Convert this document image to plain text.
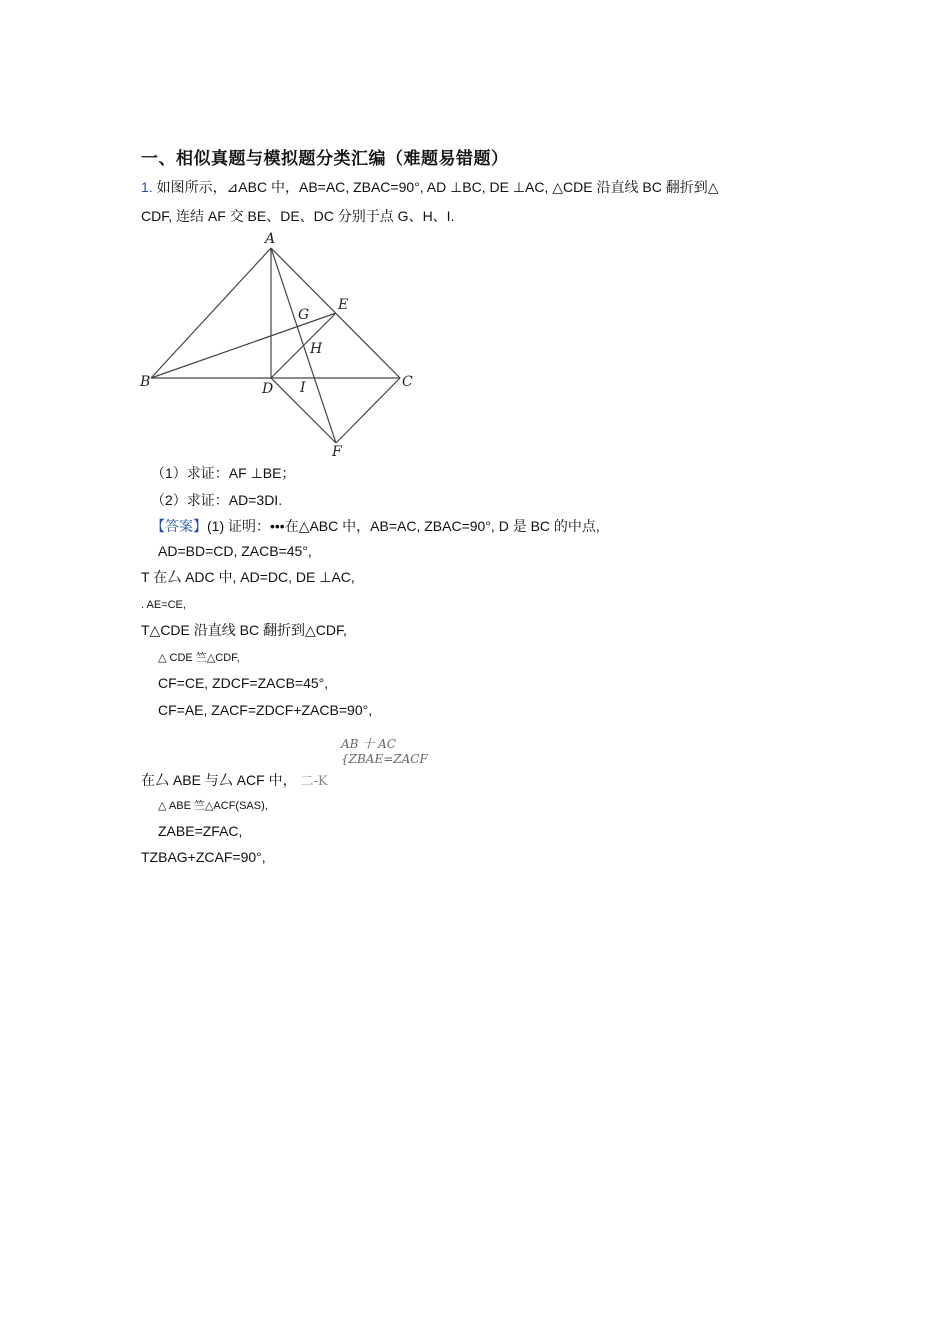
一、相似真题与模拟题分类汇编（难题易错题）
1. 如图所示，⊿ABC 中，AB=AC, ZBAC=90°, AD ⊥BC, DE ⊥AC, △CDE 沿直线 BC 翻折到△
CDF, 连结 AF 交 BE、DE、DC 分别于点 G、H、I.
A
B	C
D
E
F
G
H
I
（1）求证：AF ⊥BE；
（2）求证：AD=3DI.
【答案】(1) 证明：•••在△ABC 中，AB=AC, ZBAC=90°, D 是 BC 的中点,
AD=BD=CD, ZACB=45°,
T 在厶 ADC 中, AD=DC, DE ⊥AC,
. AE=CE,
T△CDE 沿直线 BC 翻折到△CDF,
△ CDE 竺△CDF,
CF=CE, ZDCF=ZACB=45°,
CF=AE, ZACF=ZDCF+ZACB=90°,
AB 十 AC
{ZBAE=ZACF
在厶 ABE 与厶 ACF 中， 二-K
△ ABE 竺△ACF(SAS),
ZABE=ZFAC,
TZBAG+ZCAF=90°,
